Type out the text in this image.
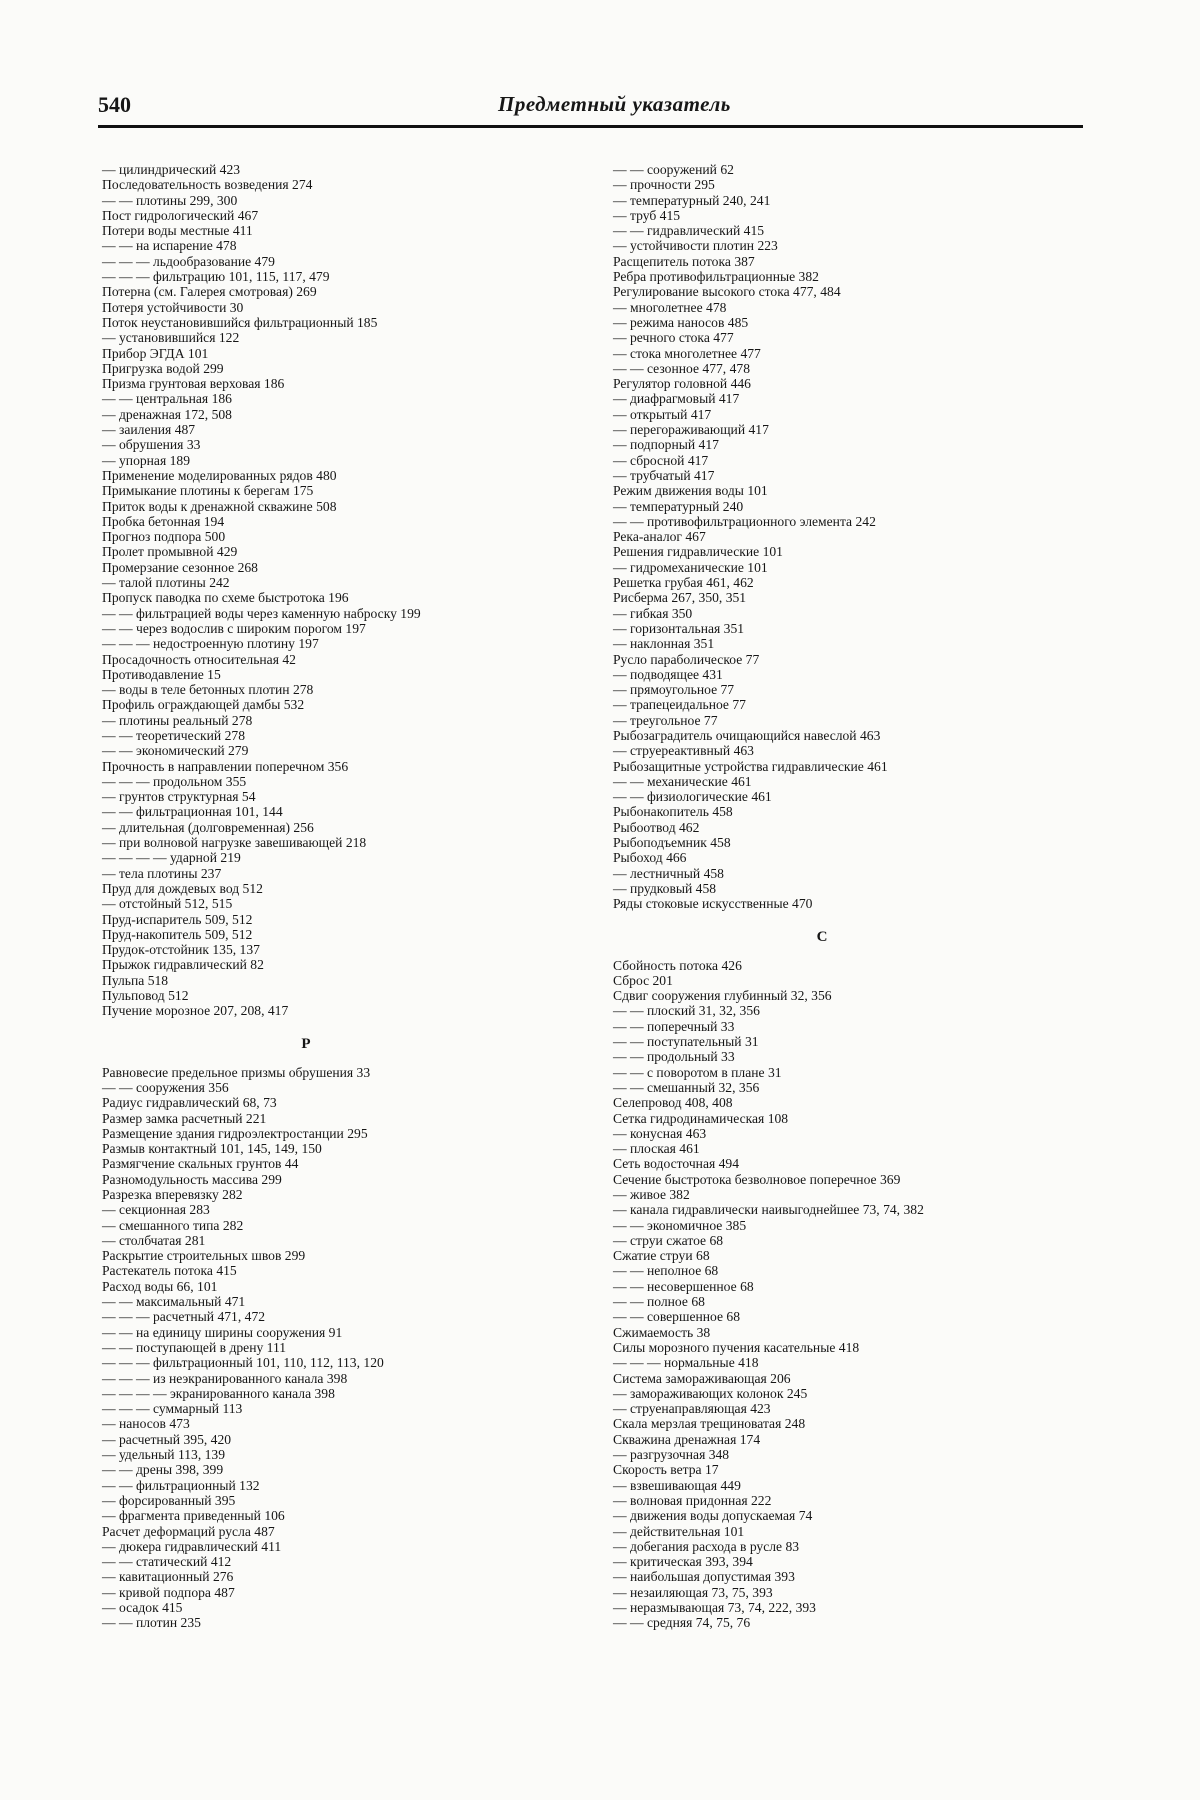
540	Предметный указатель
— цилиндрический 423
Последовательность возведения 274
— — плотины 299, 300
Пост гидрологический 467
Потери воды местные 411
— — на испарение 478
— — — льдообразование 479
— — — фильтрацию 101, 115, 117, 479
Потерна (см. Галерея смотровая) 269
Потеря устойчивости 30
Поток неустановившийся фильтрационный 185
— установившийся 122
Прибор ЭГДА 101
Пригрузка водой 299
Призма грунтовая верховая 186
— — центральная 186
— дренажная 172, 508
— заиления 487
— обрушения 33
— упорная 189
Применение моделированных рядов 480
Примыкание плотины к берегам 175
Приток воды к дренажной скважине 508
Пробка бетонная 194
Прогноз подпора 500
Пролет промывной 429
Промерзание сезонное 268
— талой плотины 242
Пропуск паводка по схеме быстротока 196
— — фильтрацией воды через каменную наброску 199
— — через водослив с широким порогом 197
— — — недостроенную плотину 197
Просадочность относительная 42
Противодавление 15
— воды в теле бетонных плотин 278
Профиль ограждающей дамбы 532
— плотины реальный 278
— — теоретический 278
— — экономический 279
Прочность в направлении поперечном 356
— — — продольном 355
— грунтов структурная 54
— — фильтрационная 101, 144
— длительная (долговременная) 256
— при волновой нагрузке завешивающей 218
— — — — ударной 219
— тела плотины 237
Пруд для дождевых вод 512
— отстойный 512, 515
Пруд-испаритель 509, 512
Пруд-накопитель 509, 512
Прудок-отстойник 135, 137
Прыжок гидравлический 82
Пульпа 518
Пульповод 512
Пучение морозное 207, 208, 417
Р
Равновесие предельное призмы обрушения 33
— — сооружения 356
Радиус гидравлический 68, 73
Размер замка расчетный 221
Размещение здания гидроэлектростанции 295
Размыв контактный 101, 145, 149, 150
Размягчение скальных грунтов 44
Разномодульность массива 299
Разрезка вперевязку 282
— секционная 283
— смешанного типа 282
— столбчатая 281
Раскрытие строительных швов 299
Растекатель потока 415
Расход воды 66, 101
— — максимальный 471
— — — расчетный 471, 472
— — на единицу ширины сооружения 91
— — поступающей в дрену 111
— — — фильтрационный 101, 110, 112, 113, 120
— — — из неэкранированного канала 398
— — — — экранированного канала 398
— — — суммарный 113
— наносов 473
— расчетный 395, 420
— удельный 113, 139
— — дрены 398, 399
— — фильтрационный 132
— форсированный 395
— фрагмента приведенный 106
Расчет деформаций русла 487
— дюкера гидравлический 411
— — статический 412
— кавитационный 276
— кривой подпора 487
— осадок 415
— — плотин 235
— — сооружений 62
— прочности 295
— температурный 240, 241
— труб 415
— — гидравлический 415
— устойчивости плотин 223
Расщепитель потока 387
Ребра противофильтрационные 382
Регулирование высокого стока 477, 484
— многолетнее 478
— режима наносов 485
— речного стока 477
— стока многолетнее 477
— — сезонное 477, 478
Регулятор головной 446
— диафрагмовый 417
— открытый 417
— перегораживающий 417
— подпорный 417
— сбросной 417
— трубчатый 417
Режим движения воды 101
— температурный 240
— — противофильтрационного элемента 242
Река-аналог 467
Решения гидравлические 101
— гидромеханические 101
Решетка грубая 461, 462
Рисберма 267, 350, 351
— гибкая 350
— горизонтальная 351
— наклонная 351
Русло параболическое 77
— подводящее 431
— прямоугольное 77
— трапецеидальное 77
— треугольное 77
Рыбозаградитель очищающийся навеслой 463
— струереактивный 463
Рыбозащитные устройства гидравлические 461
— — механические 461
— — физиологические 461
Рыбонакопитель 458
Рыбоотвод 462
Рыбоподъемник 458
Рыбоход 466
— лестничный 458
— прудковый 458
Ряды стоковые искусственные 470
С
Сбойность потока 426
Сброс 201
Сдвиг сооружения глубинный 32, 356
— — плоский 31, 32, 356
— — поперечный 33
— — поступательный 31
— — продольный 33
— — с поворотом в плане 31
— — смешанный 32, 356
Селепровод 408, 408
Сетка гидродинамическая 108
— конусная 463
— плоская 461
Сеть водосточная 494
Сечение быстротока безволновое поперечное 369
— живое 382
— канала гидравлически наивыгоднейшее 73, 74, 382
— — экономичное 385
— струи сжатое 68
Сжатие струи 68
— — неполное 68
— — несовершенное 68
— — полное 68
— — совершенное 68
Сжимаемость 38
Силы морозного пучения касательные 418
— — — нормальные 418
Система замораживающая 206
— замораживающих колонок 245
— струенаправляющая 423
Скала мерзлая трещиноватая 248
Скважина дренажная 174
— разгрузочная 348
Скорость ветра 17
— взвешивающая 449
— волновая придонная 222
— движения воды допускаемая 74
— действительная 101
— добегания расхода в русле 83
— критическая 393, 394
— наибольшая допустимая 393
— незаиляющая 73, 75, 393
— неразмывающая 73, 74, 222, 393
— — средняя 74, 75, 76
